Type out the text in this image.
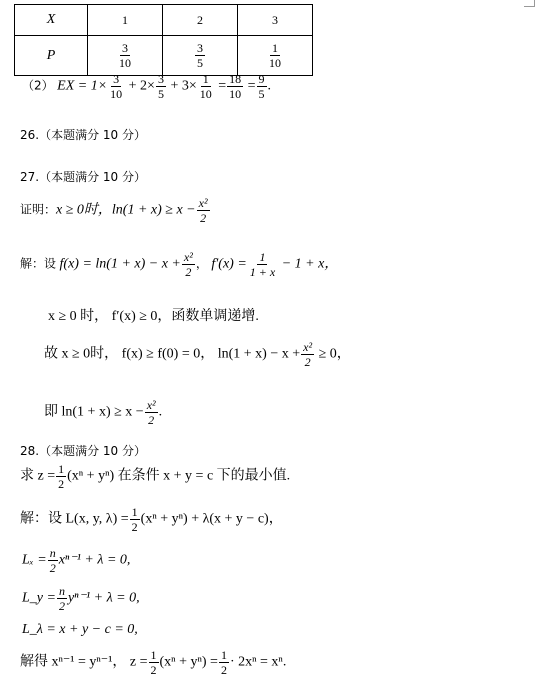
X	1	2	3
P	$\frac{3}{10}$	$\frac{3}{5}$	$\frac{1}{10}$
（2） EX = $1\times \frac{3}{10} + 2\times \frac{3}{5} + 3\times \frac{1}{10} = \frac{18}{10} = \frac{9}{5}$ .
26.（本题满分 10 分）
27.（本题满分 10 分）
证明：x ≥ 0时，$\ln(1 + x) \ge x - \frac{\text{x²}}{2}$
解：设 $f(x) = \ln(1 + x) - x + \frac{\text{x²}}{2}$ ， $f'(x) = \frac{1}{1 + x} - 1 + x$，
x ≥ 0 时， f′(x) ≥ 0，函数单调递增.
故 x ≥ 0时， f(x) ≥ f(0) = 0， $\ln(1 + x) - x + \frac{\text{x²}}{2} \ge 0$，
即 $\ln(1 + x) \ge x - \frac{\text{x²}}{2}$ .
28.（本题满分 10 分）
求 $z = \frac{1}{2} (x^n + y^n)$ 在条件 x + y = c 下的最小值.
解：设 L(x, y, $\lambda) = \frac{1}{2} (x^n + y^n) + \lambda(x + y - c)$，
$L_x = \frac{n}{2} x^{n-1} + \lambda = 0$,
L_y = $\frac{n}{2} y^{n-1} + \lambda = 0$,
L_λ = x + y − c = 0,
解得 xⁿ⁻¹ = yⁿ⁻¹， $z = \frac{1}{2} (x^n + y^n) = \frac{1}{2} \cdot 2x^n = x^n$.
